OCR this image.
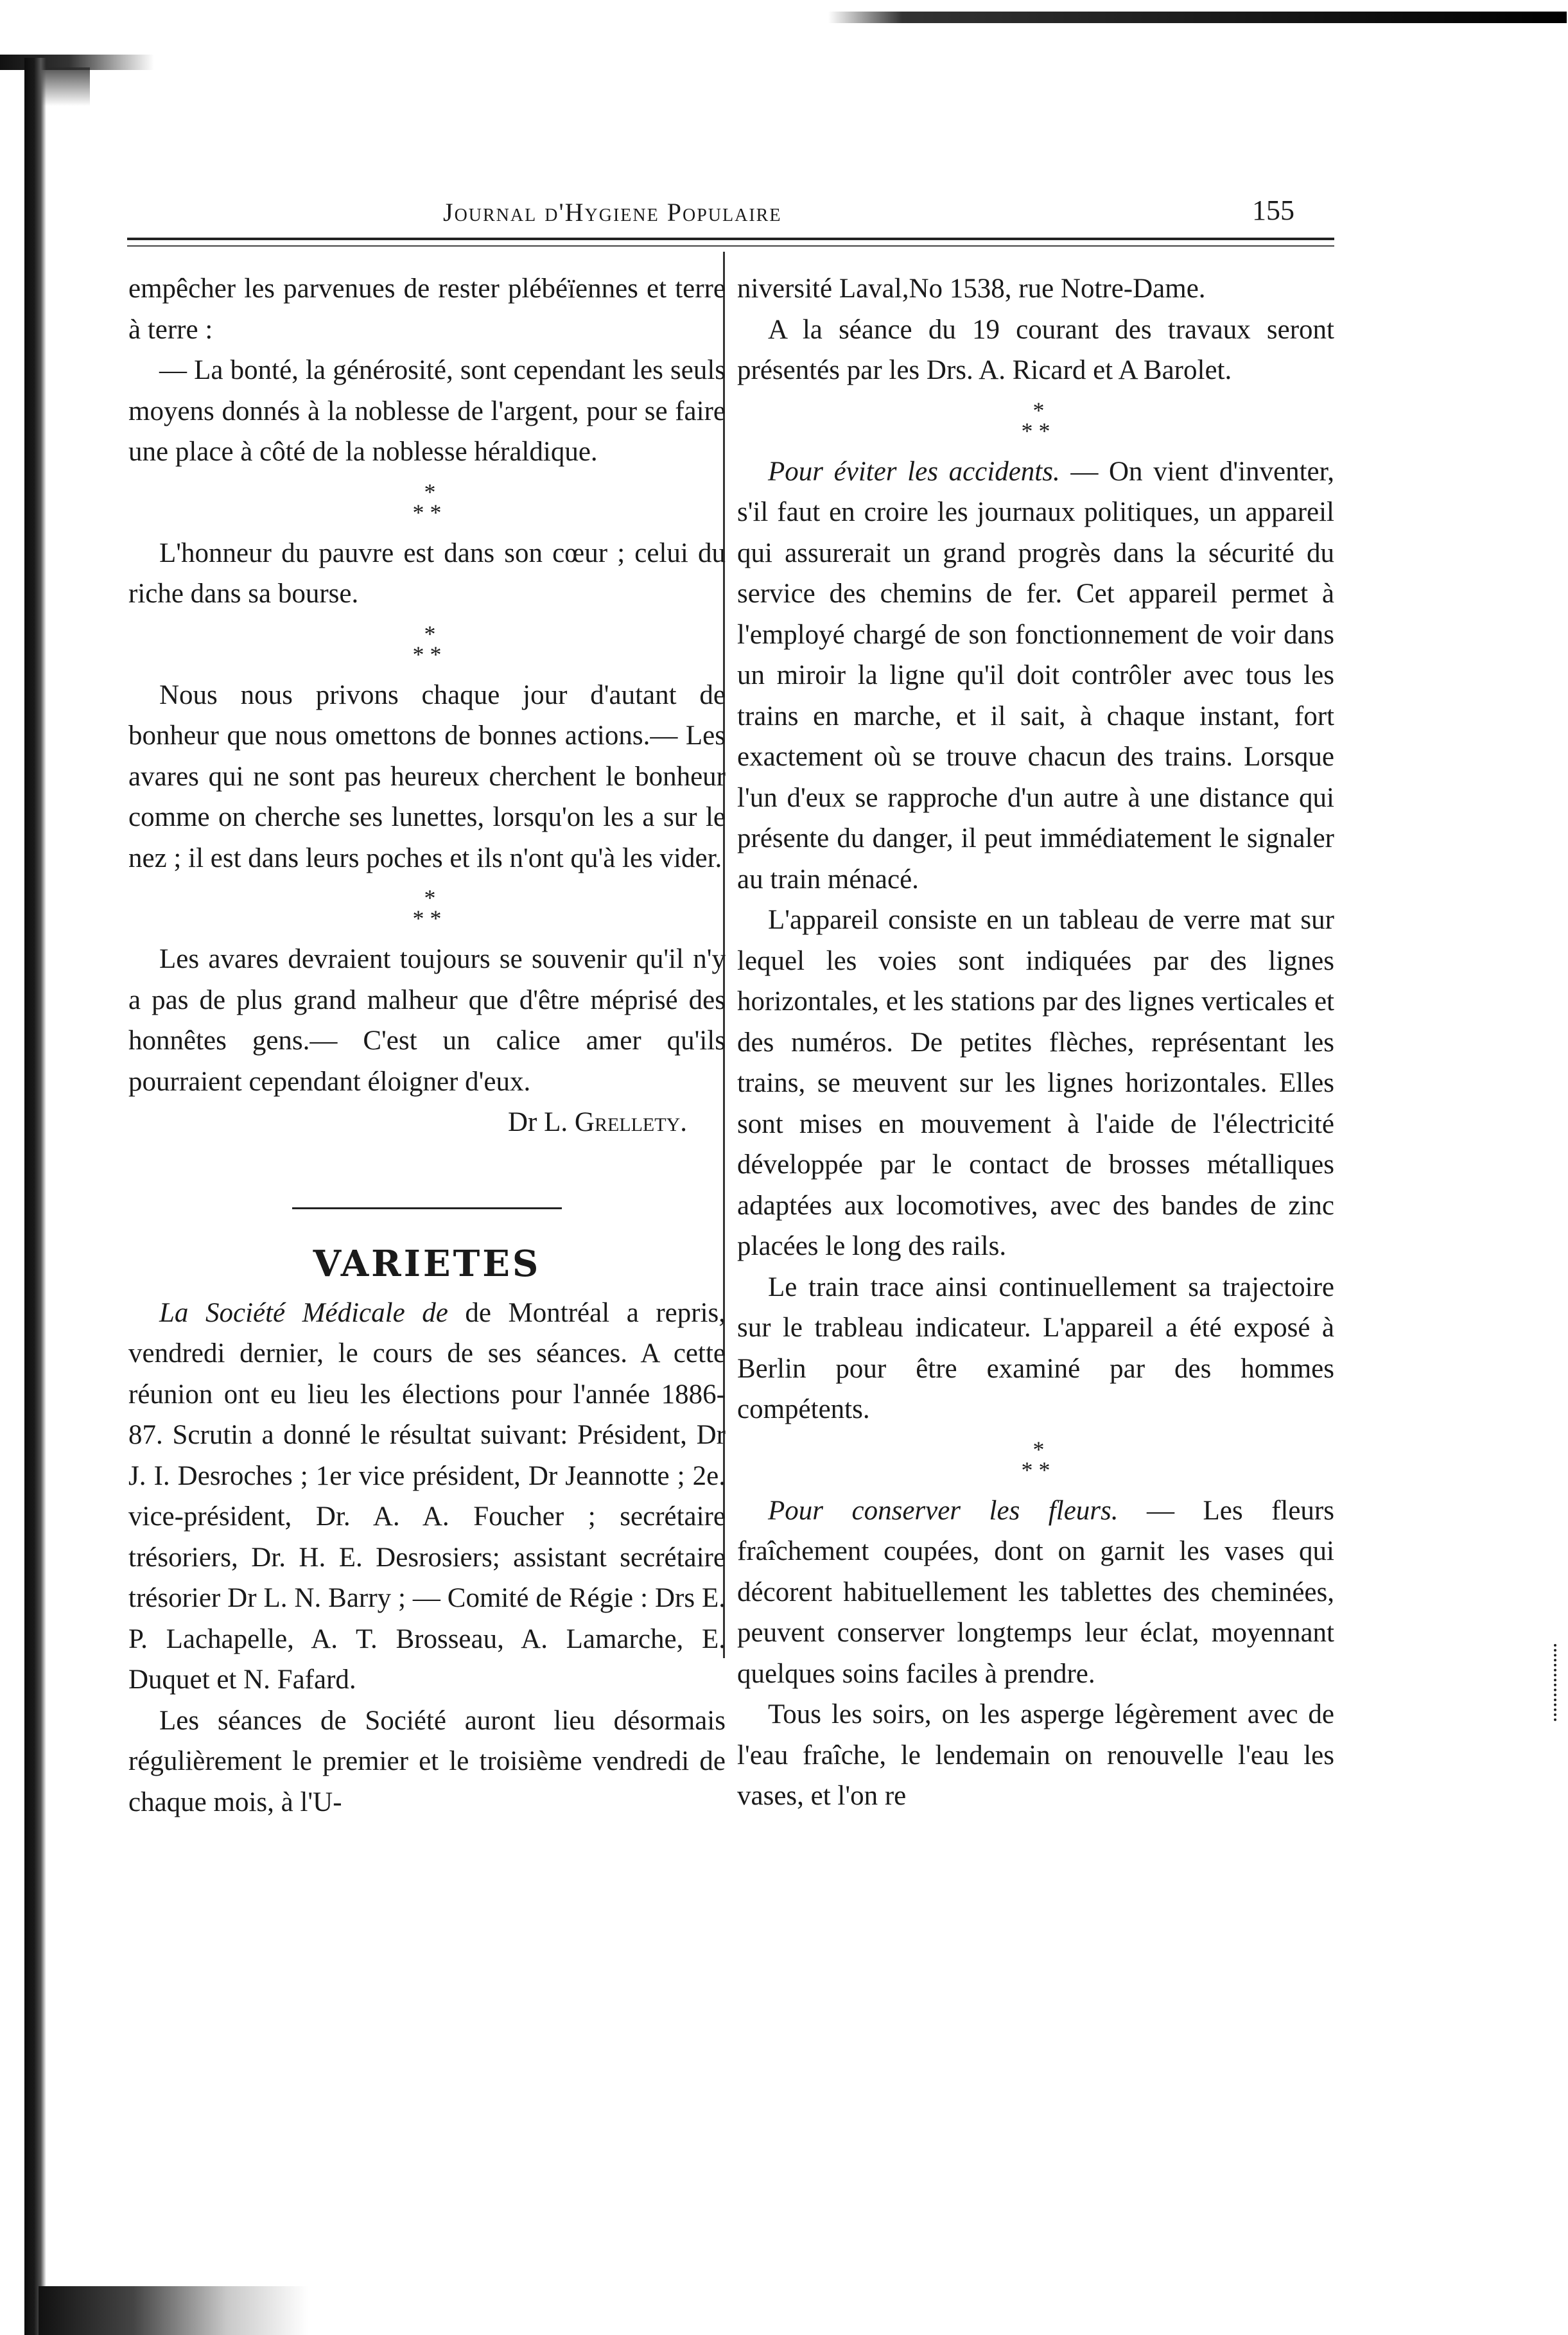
Journal d'Hygiene Populaire	155

empêcher les parvenues de rester plébéïennes et terre à terre :

— La bonté, la générosité, sont cependant les seuls moyens donnés à la noblesse de l'argent, pour se faire une place à côté de la noblesse héraldique.

*
* *

L'honneur du pauvre est dans son cœur ; celui du riche dans sa bourse.

*
* *

Nous nous privons chaque jour d'autant de bonheur que nous omettons de bonnes actions.— Les avares qui ne sont pas heureux cherchent le bonheur comme on cherche ses lunettes, lorsqu'on les a sur le nez ; il est dans leurs poches et ils n'ont qu'à les vider.

*
* *

Les avares devraient toujours se souvenir qu'il n'y a pas de plus grand malheur que d'être méprisé des honnêtes gens.— C'est un calice amer qu'ils pourraient cependant éloigner d'eux.

Dr L. Grellety.

VARIETES

La Société Médicale de de Montréal a repris, vendredi dernier, le cours de ses séances. A cette réunion ont eu lieu les élections pour l'année 1886-87. Scrutin a donné le résultat suivant: Président, Dr J. I. Desroches ; 1er vice président, Dr Jeannotte ; 2e. vice-président, Dr. A. A. Foucher ; secrétaire trésoriers, Dr. H. E. Desrosiers; assistant secrétaire trésorier Dr L. N. Barry ; — Comité de Régie : Drs E. P. Lachapelle, A. T. Brosseau, A. Lamarche, E. Duquet et N. Fafard.

Les séances de Société auront lieu désormais régulièrement le premier et le troisième vendredi de chaque mois, à l'U-

niversité Laval,No 1538, rue Notre-Dame.

A la séance du 19 courant des travaux seront présentés par les Drs. A. Ricard et A Barolet.

*
* *

Pour éviter les accidents. — On vient d'inventer, s'il faut en croire les journaux politiques, un appareil qui assurerait un grand progrès dans la sécurité du service des chemins de fer. Cet appareil permet à l'employé chargé de son fonctionnement de voir dans un miroir la ligne qu'il doit contrôler avec tous les trains en marche, et il sait, à chaque instant, fort exactement où se trouve chacun des trains. Lorsque l'un d'eux se rapproche d'un autre à une distance qui présente du danger, il peut immédiatement le signaler au train ménacé.

L'appareil consiste en un tableau de verre mat sur lequel les voies sont indiquées par des lignes horizontales, et les stations par des lignes verticales et des numéros. De petites flèches, représentant les trains, se meuvent sur les lignes horizontales. Elles sont mises en mouvement à l'aide de l'électricité développée par le contact de brosses métalliques adaptées aux locomotives, avec des bandes de zinc placées le long des rails.

Le train trace ainsi continuellement sa trajectoire sur le trableau indicateur. L'appareil a été exposé à Berlin pour être examiné par des hommes compétents.

*
* *

Pour conserver les fleurs. — Les fleurs fraîchement coupées, dont on garnit les vases qui décorent habituellement les tablettes des cheminées, peuvent conserver longtemps leur éclat, moyennant quelques soins faciles à prendre.

Tous les soirs, on les asperge légèrement avec de l'eau fraîche, le lendemain on renouvelle l'eau les vases, et l'on re
